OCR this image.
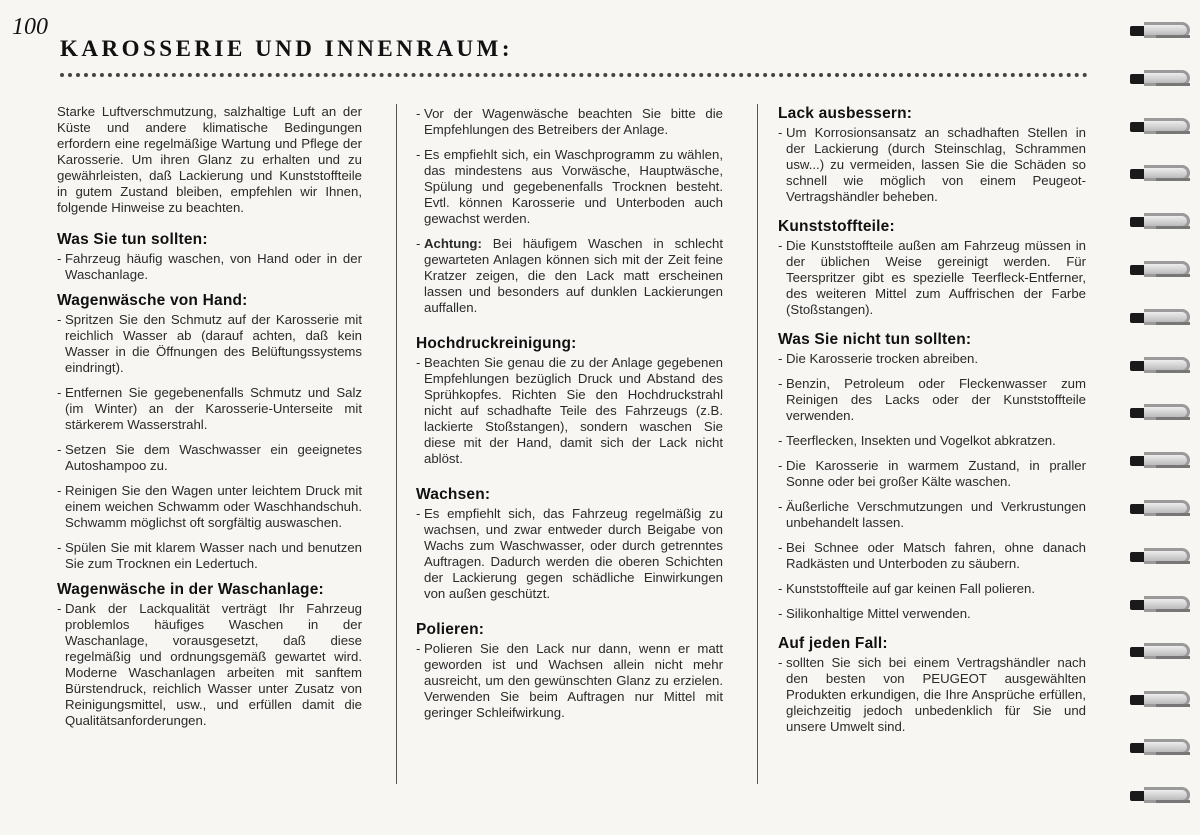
100
KAROSSERIE UND INNENRAUM:

Starke Luftverschmutzung, salzhaltige Luft an der Küste und andere klimatische Bedingungen erfordern eine regelmäßige Wartung und Pflege der Karosserie. Um ihren Glanz zu erhalten und zu gewährleisten, daß Lackierung und Kunststoffteile in gutem Zustand bleiben, empfehlen wir Ihnen, folgende Hinweise zu beachten.

Was Sie tun sollten:
- Fahrzeug häufig waschen, von Hand oder in der Waschanlage.
Wagenwäsche von Hand:
- Spritzen Sie den Schmutz auf der Karosserie mit reichlich Wasser ab (darauf achten, daß kein Wasser in die Öffnungen des Belüftungssystems eindringt).
- Entfernen Sie gegebenenfalls Schmutz und Salz (im Winter) an der Karosserie-Unterseite mit stärkerem Wasserstrahl.
- Setzen Sie dem Waschwasser ein geeignetes Autoshampoo zu.
- Reinigen Sie den Wagen unter leichtem Druck mit einem weichen Schwamm oder Waschhandschuh. Schwamm möglichst oft sorgfältig auswaschen.
- Spülen Sie mit klarem Wasser nach und benutzen Sie zum Trocknen ein Ledertuch.
Wagenwäsche in der Waschanlage:
- Dank der Lackqualität verträgt Ihr Fahrzeug problemlos häufiges Waschen in der Waschanlage, vorausgesetzt, daß diese regelmäßig und ordnungsgemäß gewartet wird. Moderne Waschanlagen arbeiten mit sanftem Bürstendruck, reichlich Wasser unter Zusatz von Reinigungsmittel, usw., und erfüllen damit die Qualitätsanforderungen.
- Vor der Wagenwäsche beachten Sie bitte die Empfehlungen des Betreibers der Anlage.
- Es empfiehlt sich, ein Waschprogramm zu wählen, das mindestens aus Vorwäsche, Hauptwäsche, Spülung und gegebenenfalls Trocknen besteht. Evtl. können Karosserie und Unterboden auch gewachst werden.
- Achtung: Bei häufigem Waschen in schlecht gewarteten Anlagen können sich mit der Zeit feine Kratzer zeigen, die den Lack matt erscheinen lassen und besonders auf dunklen Lackierungen auffallen.
Hochdruckreinigung:
- Beachten Sie genau die zu der Anlage gegebenen Empfehlungen bezüglich Druck und Abstand des Sprühkopfes. Richten Sie den Hochdruckstrahl nicht auf schadhafte Teile des Fahrzeugs (z.B. lackierte Stoßstangen), sondern waschen Sie diese mit der Hand, damit sich der Lack nicht ablöst.
Wachsen:
- Es empfiehlt sich, das Fahrzeug regelmäßig zu wachsen, und zwar entweder durch Beigabe von Wachs zum Waschwasser, oder durch getrenntes Auftragen. Dadurch werden die oberen Schichten der Lackierung gegen schädliche Einwirkungen von außen geschützt.
Polieren:
- Polieren Sie den Lack nur dann, wenn er matt geworden ist und Wachsen allein nicht mehr ausreicht, um den gewünschten Glanz zu erzielen. Verwenden Sie beim Auftragen nur Mittel mit geringer Schleifwirkung.
Lack ausbessern:
- Um Korrosionsansatz an schadhaften Stellen in der Lackierung (durch Steinschlag, Schrammen usw...) zu vermeiden, lassen Sie die Schäden so schnell wie möglich von einem Peugeot-Vertragshändler beheben.
Kunststoffteile:
- Die Kunststoffteile außen am Fahrzeug müssen in der üblichen Weise gereinigt werden. Für Teerspritzer gibt es spezielle Teerfleck-Entferner, des weiteren Mittel zum Auffrischen der Farbe (Stoßstangen).
Was Sie nicht tun sollten:
- Die Karosserie trocken abreiben.
- Benzin, Petroleum oder Fleckenwasser zum Reinigen des Lacks oder der Kunststoffteile verwenden.
- Teerflecken, Insekten und Vogelkot abkratzen.
- Die Karosserie in warmem Zustand, in praller Sonne oder bei großer Kälte waschen.
- Äußerliche Verschmutzungen und Verkrustungen unbehandelt lassen.
- Bei Schnee oder Matsch fahren, ohne danach Radkästen und Unterboden zu säubern.
- Kunststoffteile auf gar keinen Fall polieren.
- Silikonhaltige Mittel verwenden.
Auf jeden Fall:
- sollten Sie sich bei einem Vertragshändler nach den besten von PEUGEOT ausgewählten Produkten erkundigen, die Ihre Ansprüche erfüllen, gleichzeitig jedoch unbedenklich für Sie und unsere Umwelt sind.
